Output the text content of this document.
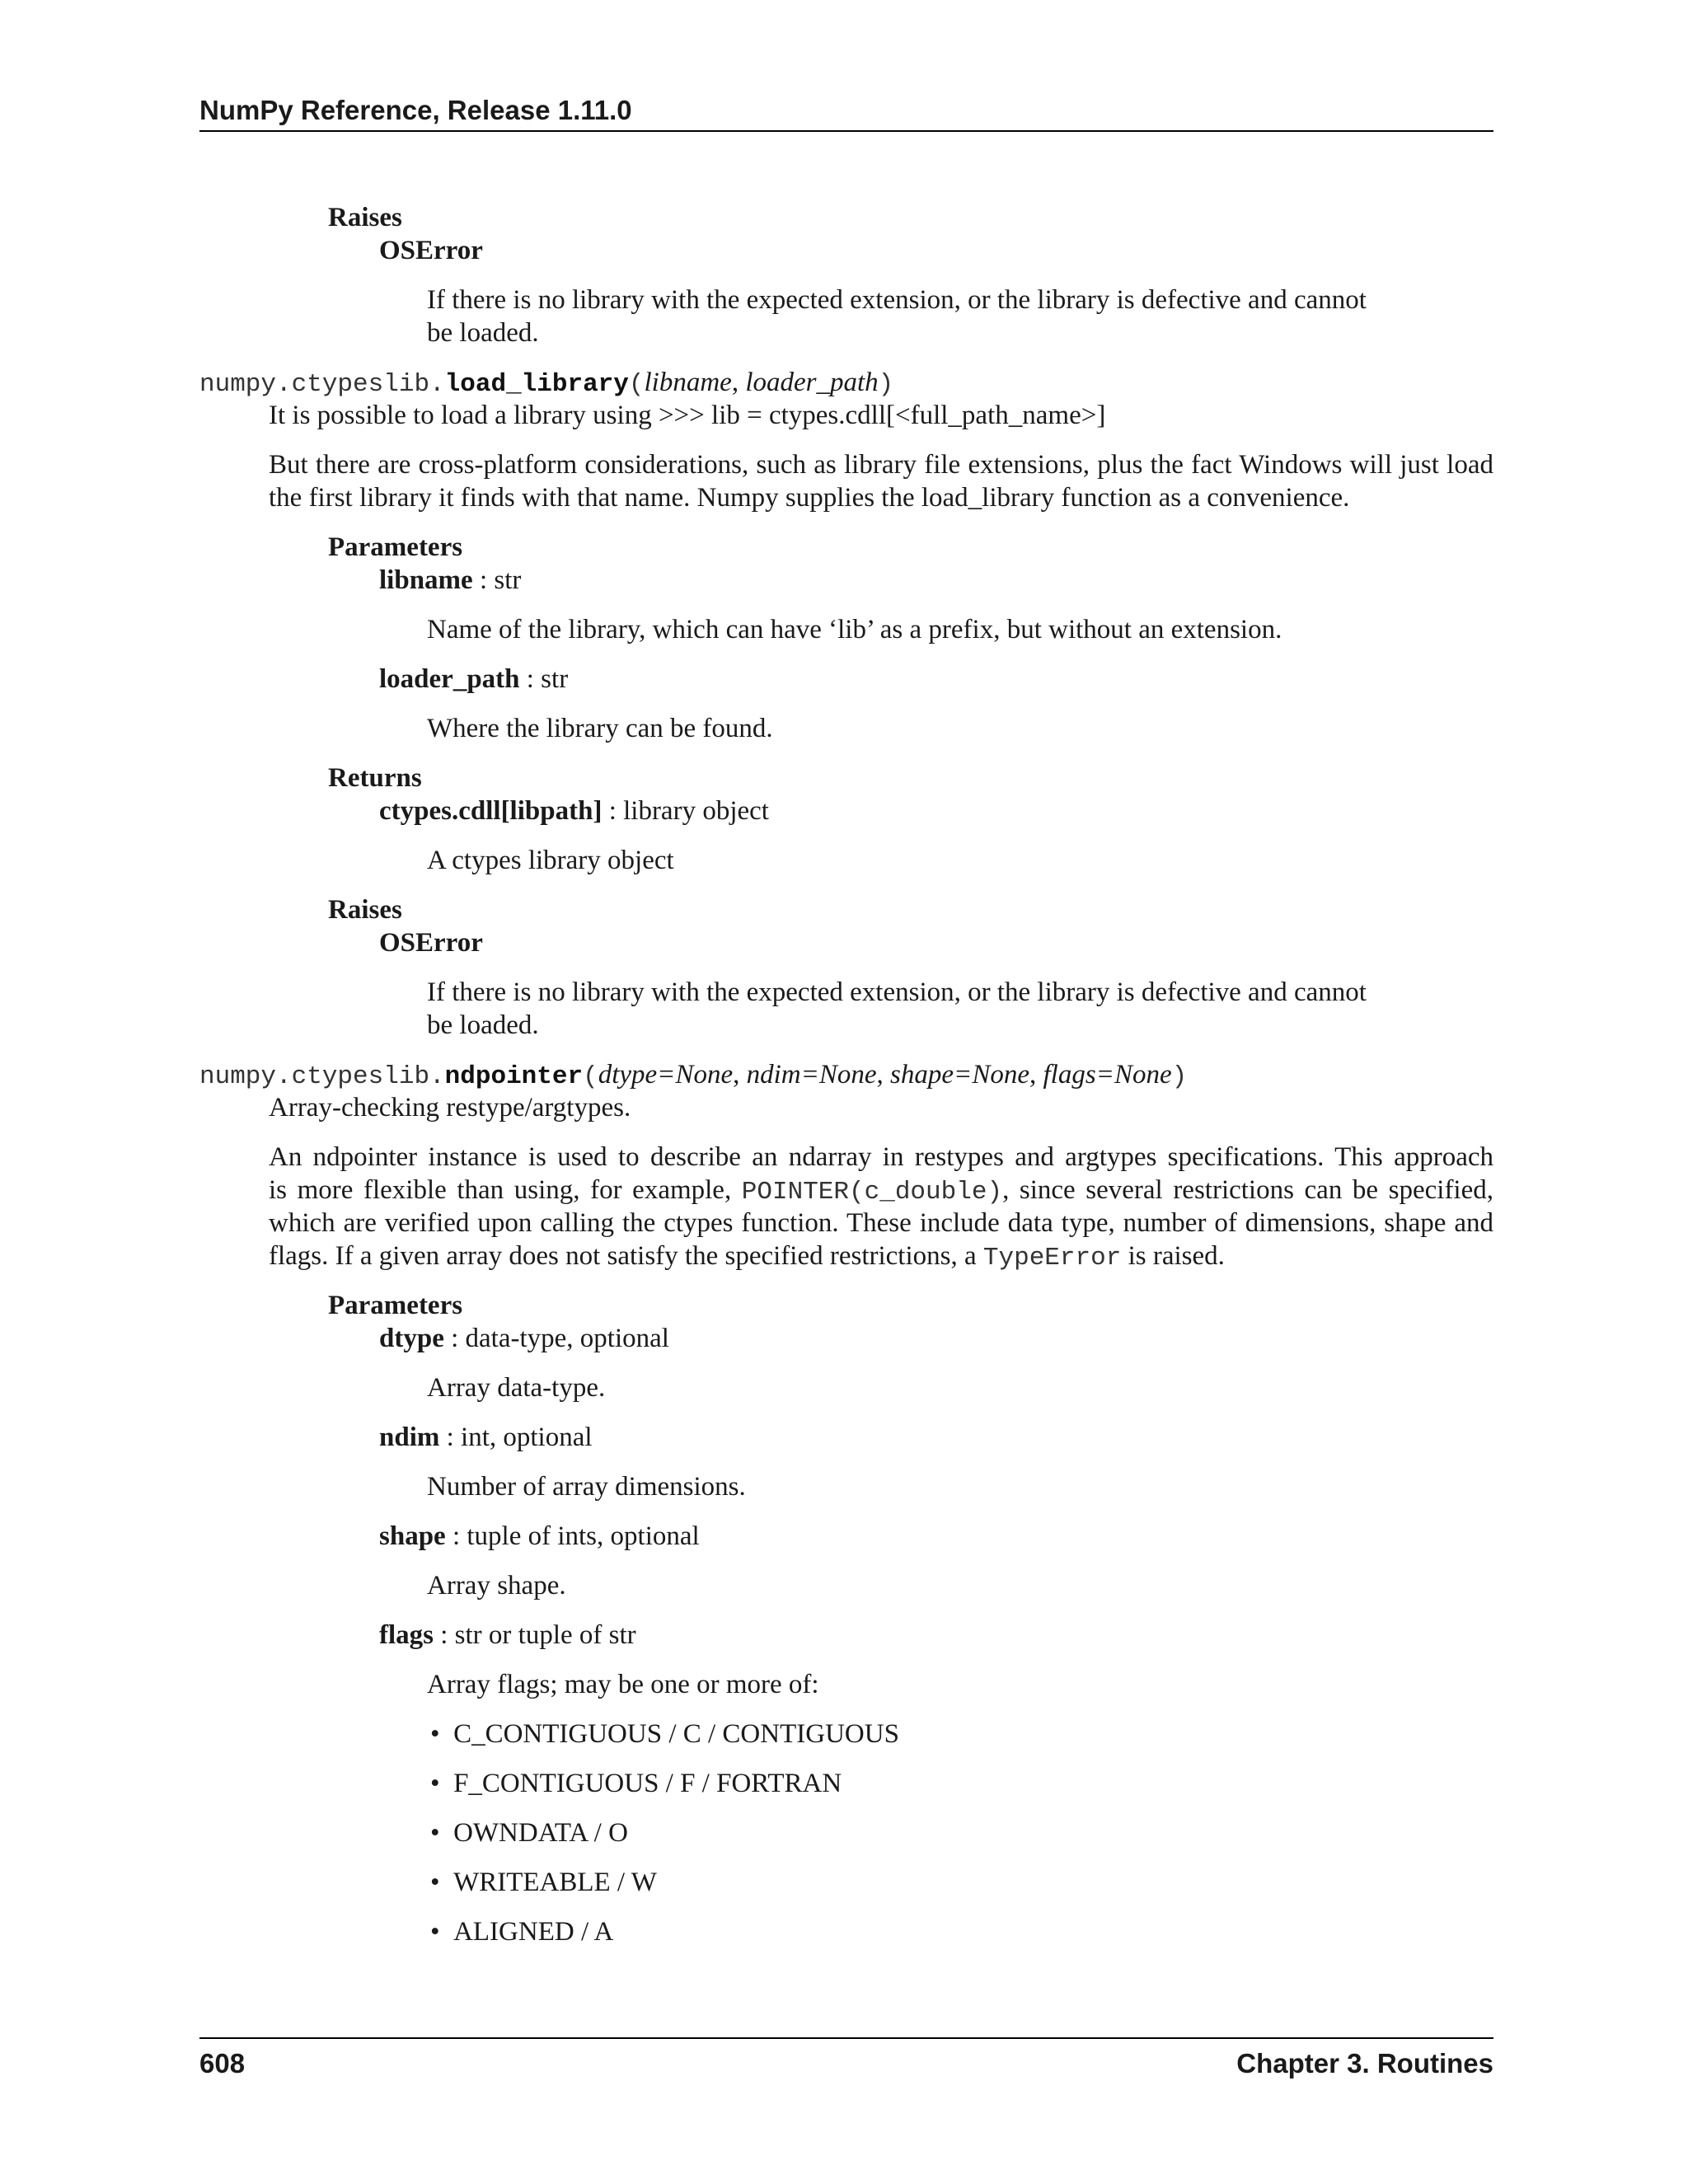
NumPy Reference, Release 1.11.0
Raises
OSError
If there is no library with the expected extension, or the library is defective and cannot
be loaded.
numpy.ctypeslib.load_library(libname, loader_path)
It is possible to load a library using >>> lib = ctypes.cdll[<full_path_name>]
But there are cross-platform considerations, such as library file extensions, plus the fact Windows will just load
the first library it finds with that name. Numpy supplies the load_library function as a convenience.
Parameters
libname : str
Name of the library, which can have ‘lib’ as a prefix, but without an extension.
loader_path : str
Where the library can be found.
Returns
ctypes.cdll[libpath] : library object
A ctypes library object
Raises
OSError
If there is no library with the expected extension, or the library is defective and cannot
be loaded.
numpy.ctypeslib.ndpointer(dtype=None, ndim=None, shape=None, flags=None)
Array-checking restype/argtypes.
An ndpointer instance is used to describe an ndarray in restypes and argtypes specifications. This approach
is more flexible than using, for example, POINTER(c_double), since several restrictions can be specified,
which are verified upon calling the ctypes function. These include data type, number of dimensions, shape and
flags. If a given array does not satisfy the specified restrictions, a TypeError is raised.
Parameters
dtype : data-type, optional
Array data-type.
ndim : int, optional
Number of array dimensions.
shape : tuple of ints, optional
Array shape.
flags : str or tuple of str
Array flags; may be one or more of:
• C_CONTIGUOUS / C / CONTIGUOUS
• F_CONTIGUOUS / F / FORTRAN
• OWNDATA / O
• WRITEABLE / W
• ALIGNED / A
608	Chapter 3. Routines
